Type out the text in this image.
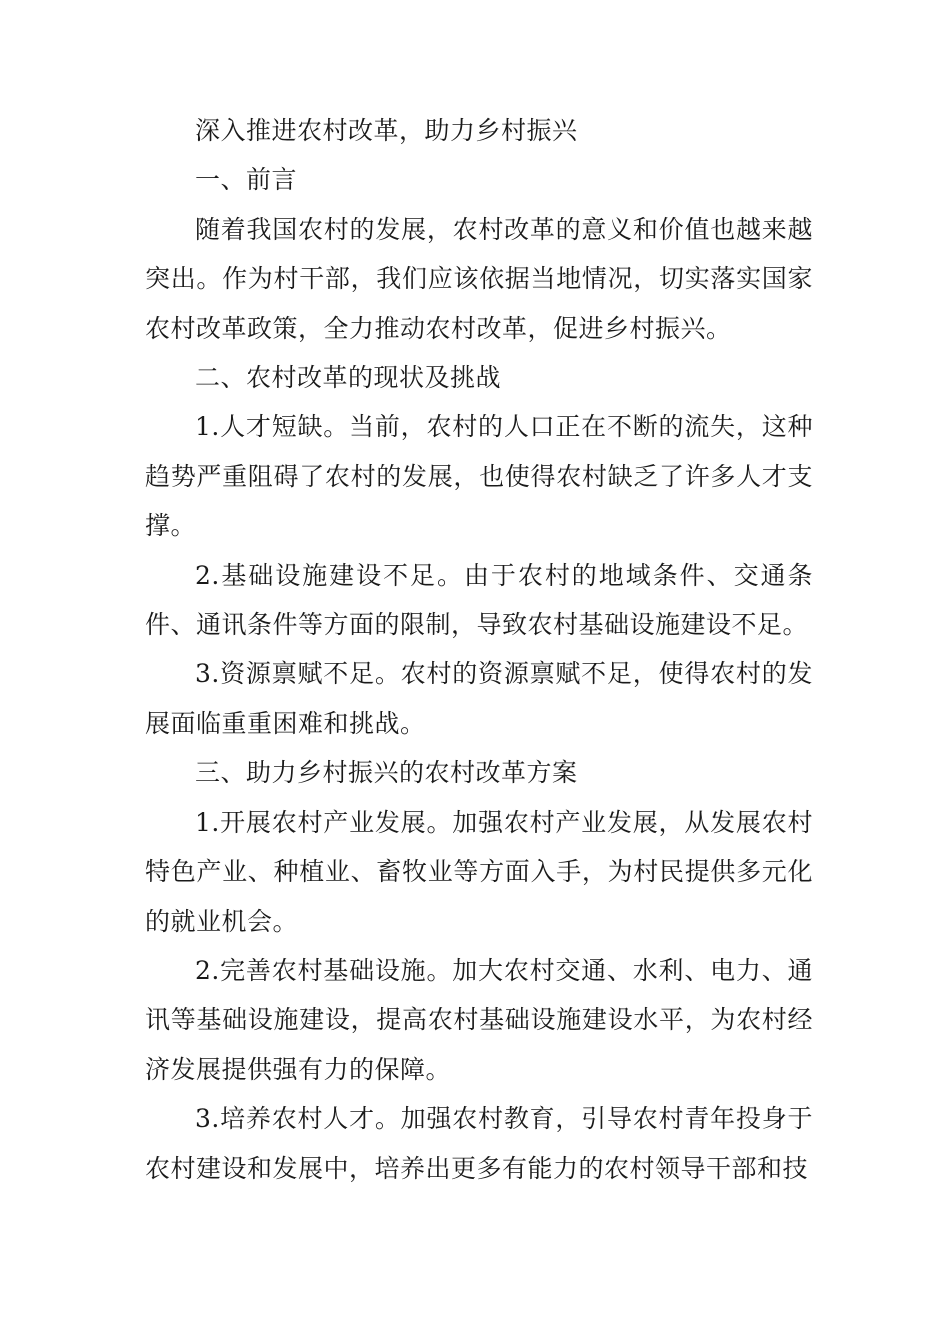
深入推进农村改革，助力乡村振兴

一、前言

随着我国农村的发展，农村改革的意义和价值也越来越突出。作为村干部，我们应该依据当地情况，切实落实国家农村改革政策，全力推动农村改革，促进乡村振兴。

二、农村改革的现状及挑战

1.人才短缺。当前，农村的人口正在不断的流失，这种趋势严重阻碍了农村的发展，也使得农村缺乏了许多人才支撑。

2.基础设施建设不足。由于农村的地域条件、交通条件、通讯条件等方面的限制，导致农村基础设施建设不足。

3.资源禀赋不足。农村的资源禀赋不足，使得农村的发展面临重重困难和挑战。

三、助力乡村振兴的农村改革方案

1.开展农村产业发展。加强农村产业发展，从发展农村特色产业、种植业、畜牧业等方面入手，为村民提供多元化的就业机会。

2.完善农村基础设施。加大农村交通、水利、电力、通讯等基础设施建设，提高农村基础设施建设水平，为农村经济发展提供强有力的保障。

3.培养农村人才。加强农村教育，引导农村青年投身于农村建设和发展中，培养出更多有能力的农村领导干部和技
